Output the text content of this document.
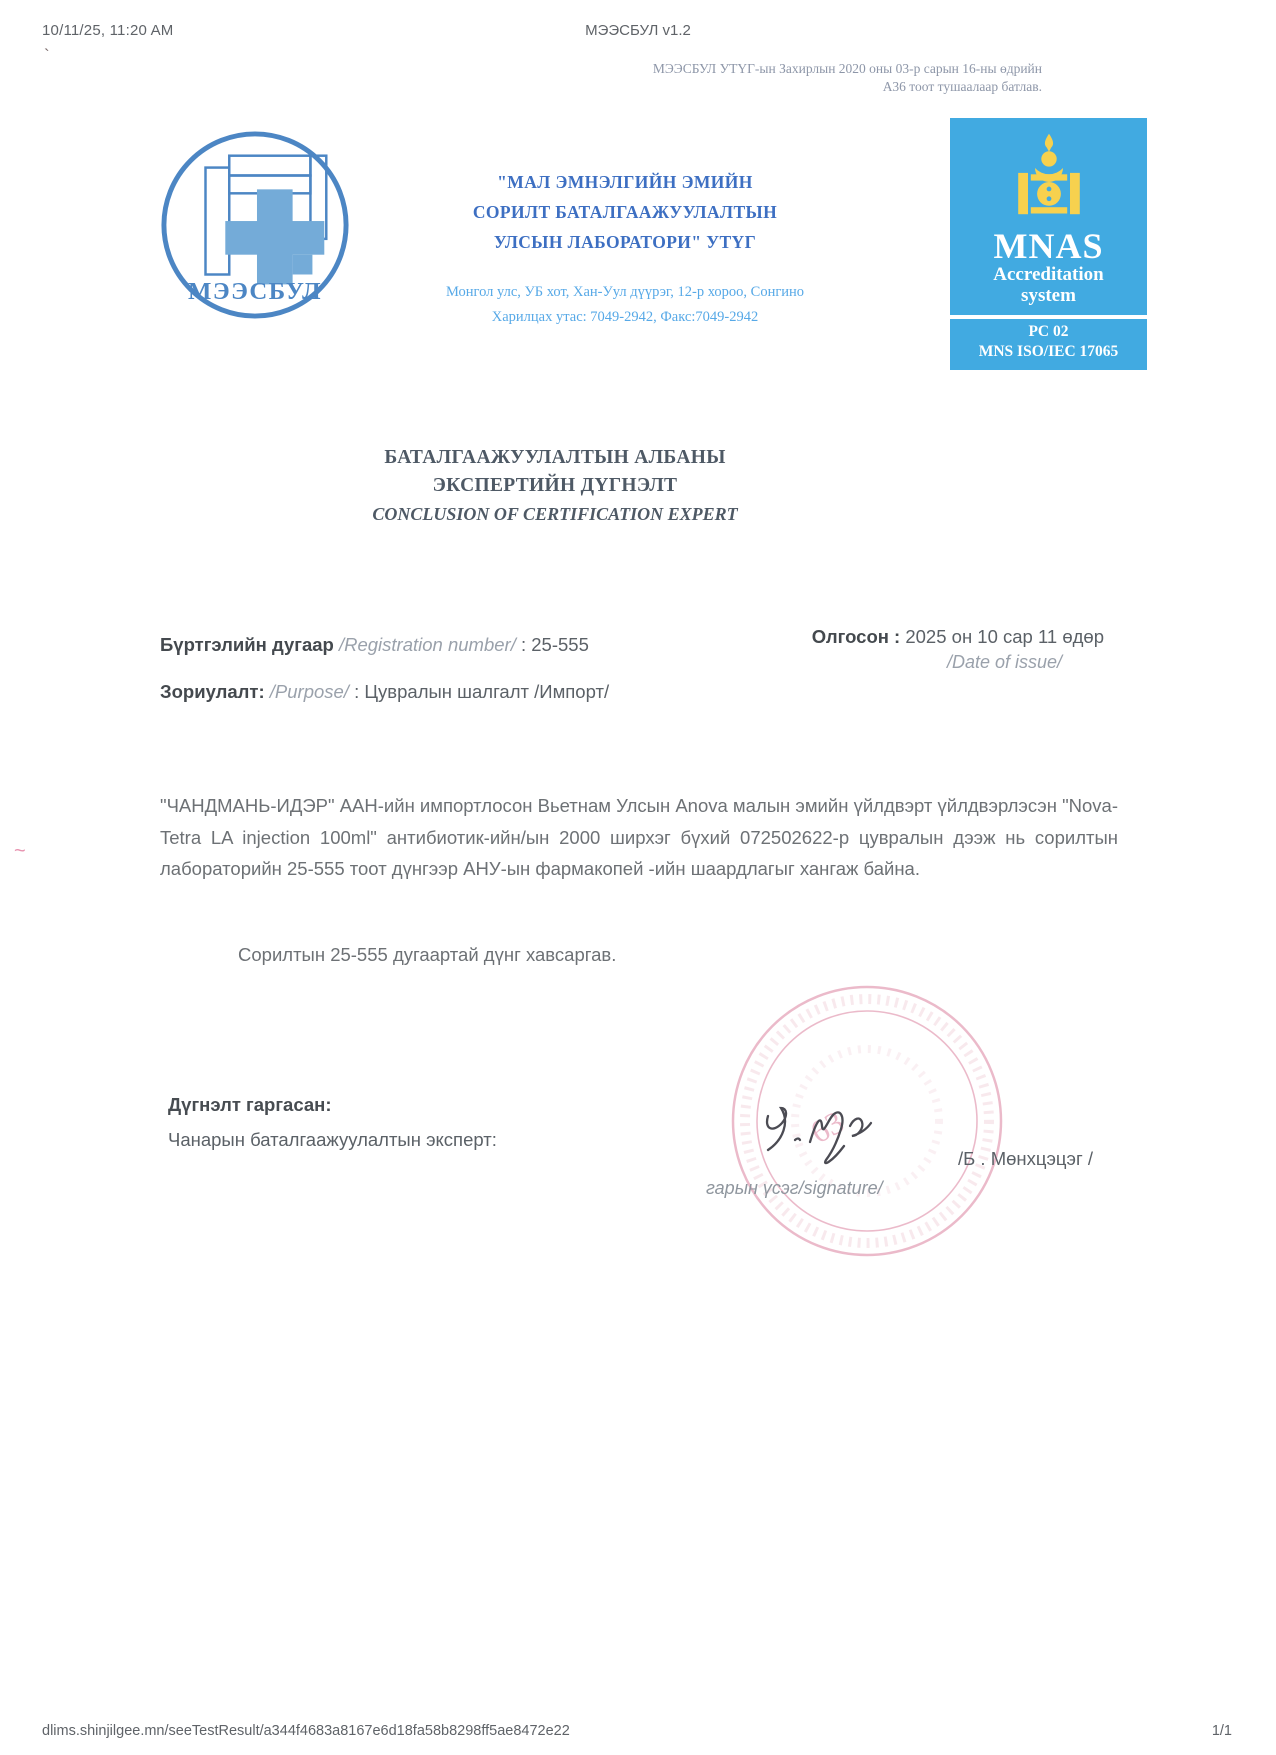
10/11/25, 11:20 AM	МЭЭСБУЛ v1.2
`
~
МЭЭСБУЛ УТҮГ-ын Захирлын 2020 оны 03-р сарын 16-ны өдрийн
А36 тоот тушаалаар батлав.
МЭЭСБУЛ
"МАЛ ЭМНЭЛГИЙН ЭМИЙН
СОРИЛТ БАТАЛГААЖУУЛАЛТЫН
УЛСЫН ЛАБОРАТОРИ" УТҮГ
Монгол улс, УБ хот, Хан-Уул дүүрэг, 12-р хороо, Сонгино
Харилцах утас: 7049-2942, Факс:7049-2942
MNAS
Accreditation
system
PC 02
MNS ISO/IEC 17065
БАТАЛГААЖУУЛАЛТЫН АЛБАНЫ
ЭКСПЕРТИЙН ДҮГНЭЛТ
CONCLUSION OF CERTIFICATION EXPERT
Бүртгэлийн дугаар /Registration number/ : 25-555	Олгосон : 2025 он 10 сар 11 өдөр
/Date of issue/
Зориулалт: /Purpose/ : Цувралын шалгалт /Импорт/
"ЧАНДМАНЬ-ИДЭР" ААН-ийн импортлосон Вьетнам Улсын Anova малын эмийн үйлдвэрт үйлдвэрлэсэн "Nova-Tetra LA injection 100ml" антибиотик-ийн/ын 2000 ширхэг бүхий 072502622-р цувралын дээж нь сорилтын лабораторийн 25-555 тоот дүнгээр АНУ-ын фармакопей -ийн шаардлагыг хангаж байна.
Сорилтын 25-555 дугаартай дүнг хавсаргав.
Дүгнэлт гаргасан:
Чанарын баталгаажуулалтын эксперт:	63
/Б . Мөнхцэцэг /
гарын үсэг/signature/
dlims.shinjilgee.mn/seeTestResult/a344f4683a8167e6d18fa58b8298ff5ae8472e22	1/1
